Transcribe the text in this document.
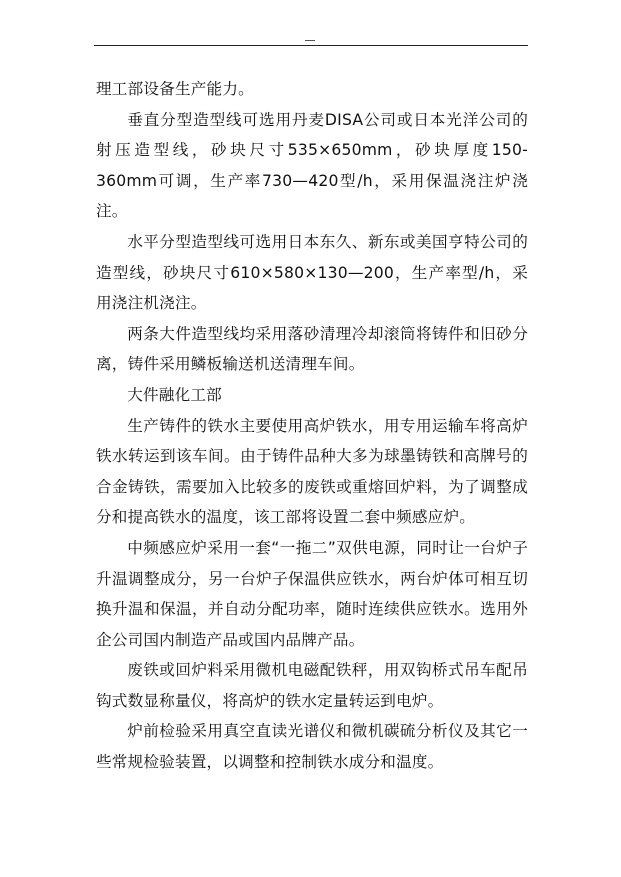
理工部设备生产能力。

垂直分型造型线可选用丹麦DISA公司或日本光洋公司的射压造型线，砂块尺寸535×650mm，砂块厚度150-360mm可调，生产率730—420型/h，采用保温浇注炉浇注。

水平分型造型线可选用日本东久、新东或美国亨特公司的造型线，砂块尺寸610×580×130—200，生产率型/h，采用浇注机浇注。

两条大件造型线均采用落砂清理冷却滚筒将铸件和旧砂分离，铸件采用鳞板输送机送清理车间。

大件融化工部

生产铸件的铁水主要使用高炉铁水，用专用运输车将高炉铁水转运到该车间。由于铸件品种大多为球墨铸铁和高牌号的合金铸铁，需要加入比较多的废铁或重熔回炉料，为了调整成分和提高铁水的温度，该工部将设置二套中频感应炉。

中频感应炉采用一套“一拖二”双供电源，同时让一台炉子升温调整成分，另一台炉子保温供应铁水，两台炉体可相互切换升温和保温，并自动分配功率，随时连续供应铁水。选用外企公司国内制造产品或国内品牌产品。

废铁或回炉料采用微机电磁配铁秤，用双钩桥式吊车配吊钩式数显称量仪，将高炉的铁水定量转运到电炉。

炉前检验采用真空直读光谱仪和微机碳硫分析仪及其它一些常规检验装置，以调整和控制铁水成分和温度。
